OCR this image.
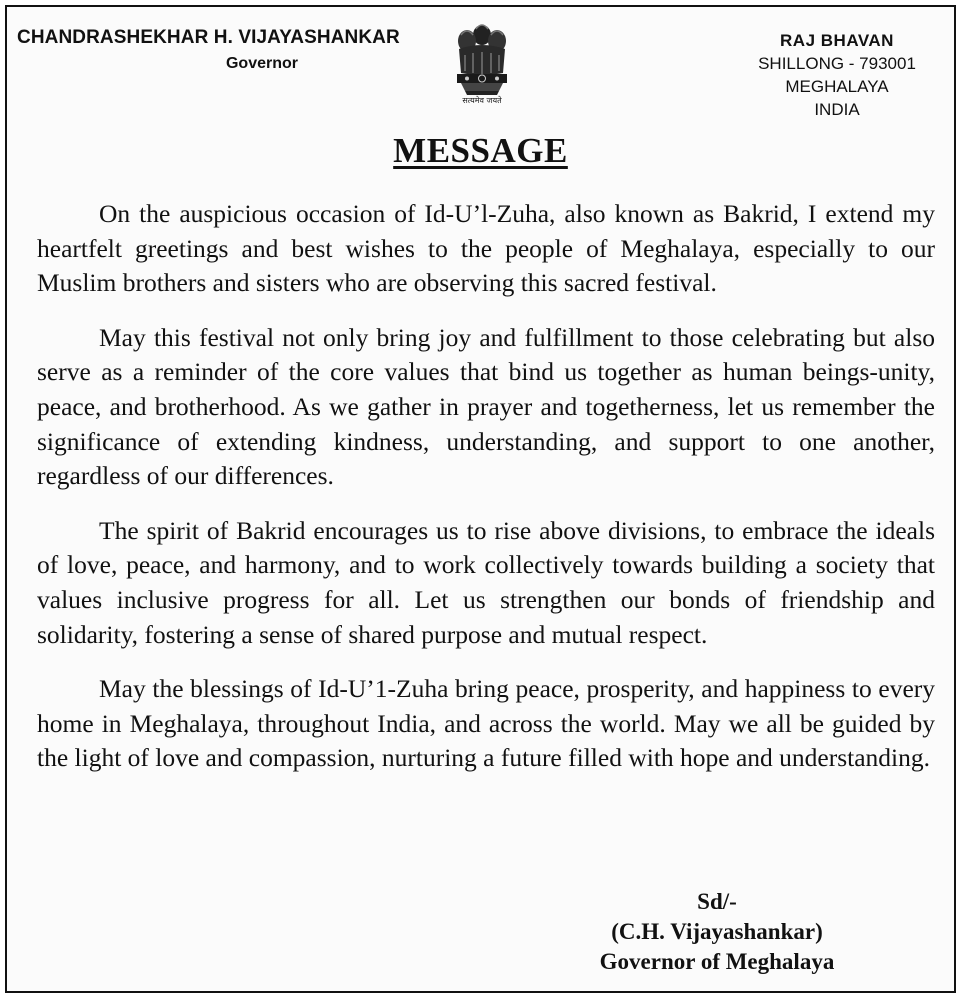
CHANDRASHEKHAR H. VIJAYASHANKAR
Governor
सत्यमेव जयते
RAJ BHAVAN
SHILLONG - 793001
MEGHALAYA
INDIA
MESSAGE

On the auspicious occasion of Id-U’l-Zuha, also known as Bakrid, I extend my heartfelt greetings and best wishes to the people of Meghalaya, especially to our Muslim brothers and sisters who are observing this sacred festival.

May this festival not only bring joy and fulfillment to those celebrating but also serve as a reminder of the core values that bind us together as human beings-unity, peace, and brotherhood. As we gather in prayer and togetherness, let us remember the significance of extending kindness, understanding, and support to one another, regardless of our differences.

The spirit of Bakrid encourages us to rise above divisions, to embrace the ideals of love, peace, and harmony, and to work collectively towards building a society that values inclusive progress for all. Let us strengthen our bonds of friendship and solidarity, fostering a sense of shared purpose and mutual respect.

May the blessings of Id-U’1-Zuha bring peace, prosperity, and happiness to every home in Meghalaya, throughout India, and across the world. May we all be guided by the light of love and compassion, nurturing a future filled with hope and understanding.

Sd/-
(C.H. Vijayashankar)
Governor of Meghalaya
